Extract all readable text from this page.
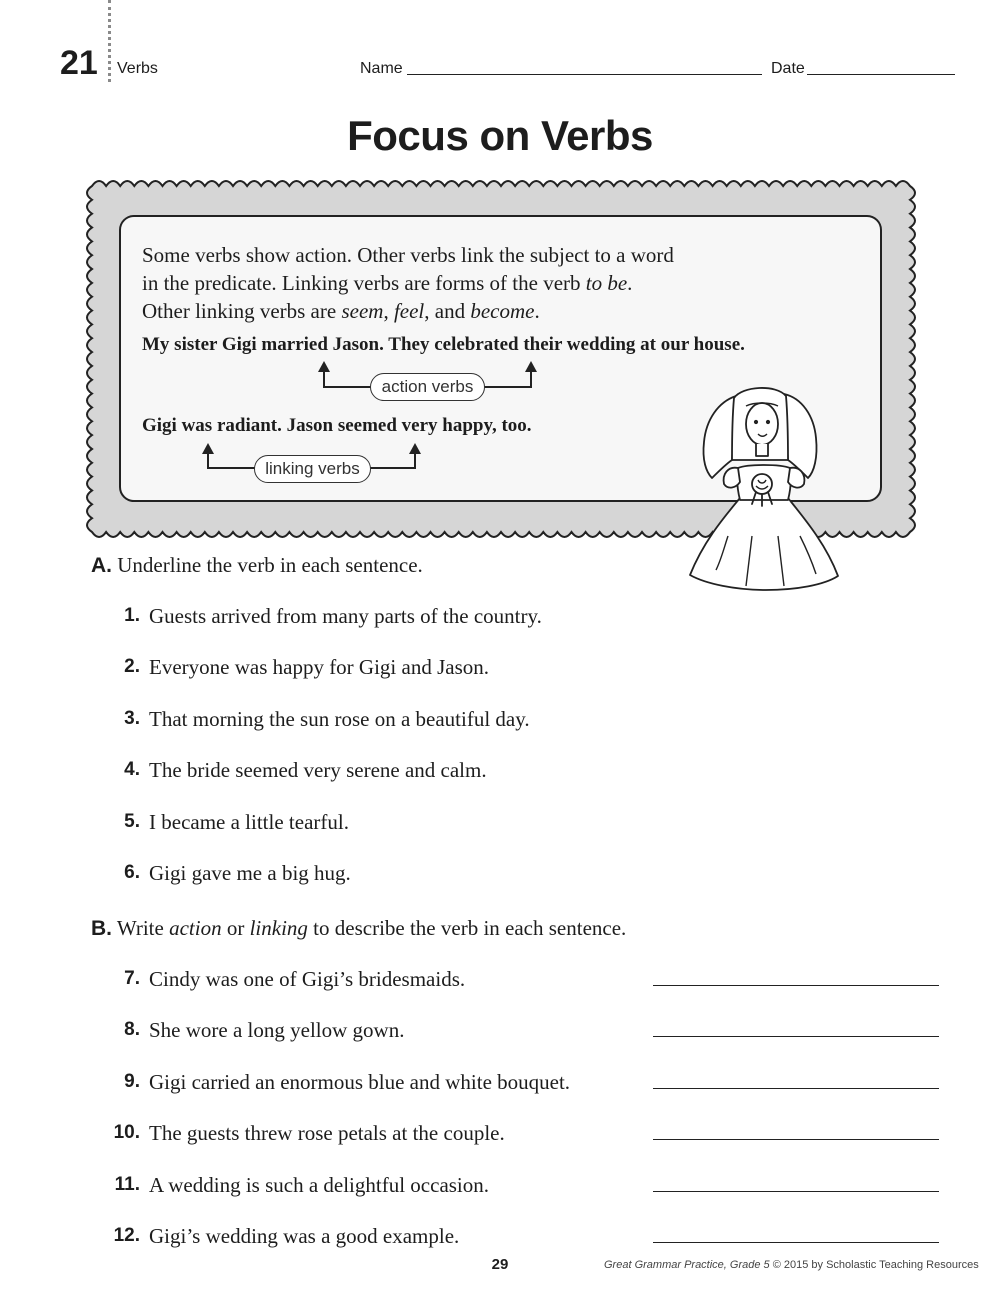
21 Verbs	Name	Date
Focus on Verbs
Some verbs show action. Other verbs link the subject to a word
in the predicate. Linking verbs are forms of the verb to be.
Other linking verbs are seem, feel, and become.
My sister Gigi married Jason. They celebrated their wedding at our house.
action verbs
Gigi was radiant. Jason seemed very happy, too.
linking verbs
A. Underline the verb in each sentence.
1. Guests arrived from many parts of the country.
2. Everyone was happy for Gigi and Jason.
3. That morning the sun rose on a beautiful day.
4. The bride seemed very serene and calm.
5. I became a little tearful.
6. Gigi gave me a big hug.
B. Write action or linking to describe the verb in each sentence.
7. Cindy was one of Gigi’s bridesmaids.
8. She wore a long yellow gown.
9. Gigi carried an enormous blue and white bouquet.
10. The guests threw rose petals at the couple.
11. A wedding is such a delightful occasion.
12. Gigi’s wedding was a good example.
29	Great Grammar Practice, Grade 5 © 2015 by Scholastic Teaching Resources
